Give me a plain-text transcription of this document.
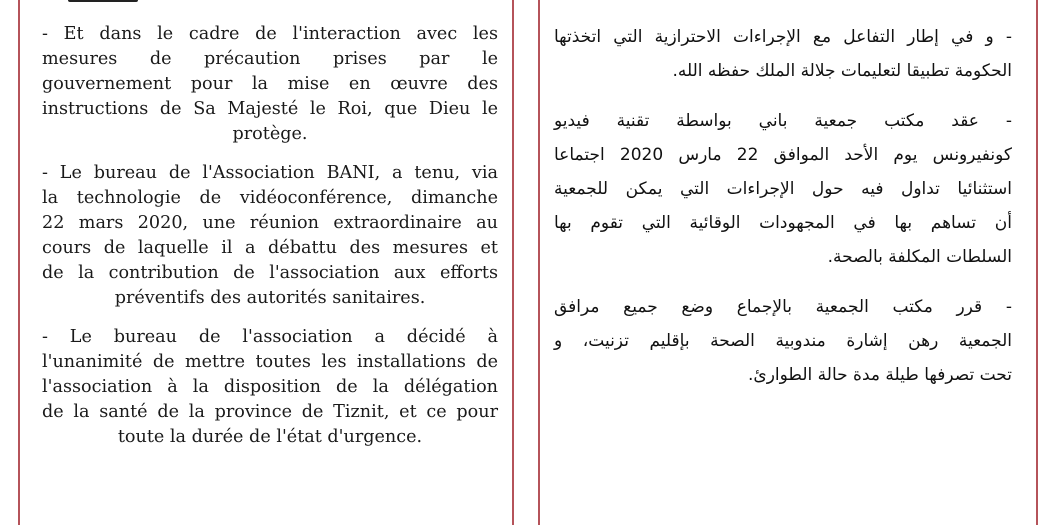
- Et dans le cadre de l'interaction avec les
mesures de précaution prises par le
gouvernement pour la mise en œuvre des
instructions de Sa Majesté le Roi, que Dieu le
protège.

- Le bureau de l'Association BANI, a tenu, via
la technologie de vidéoconférence, dimanche
22 mars 2020, une réunion extraordinaire au
cours de laquelle il a débattu des mesures et
de la contribution de l'association aux efforts
préventifs des autorités sanitaires.

- Le bureau de l'association a décidé à
l'unanimité de mettre toutes les installations de
l'association à la disposition de la délégation
de la santé de la province de Tiznit, et ce pour
toute la durée de l'état d'urgence.

- و في إطار التفاعل مع الإجراءات الاحترازية التي اتخذتها
الحكومة تطبيقا لتعليمات جلالة الملك حفظه الله.

- عقد مكتب جمعية باني بواسطة تقنية فيديو
كونفيرونس يوم الأحد الموافق 22 مارس 2020 اجتماعا
استثنائيا تداول فيه حول الإجراءات التي يمكن للجمعية
أن تساهم بها في المجهودات الوقائية التي تقوم بها
السلطات المكلفة بالصحة.

- قرر مكتب الجمعية بالإجماع وضع جميع مرافق
الجمعية رهن إشارة مندوبية الصحة بإقليم تزنيت، و
تحت تصرفها طيلة مدة حالة الطوارئ.
